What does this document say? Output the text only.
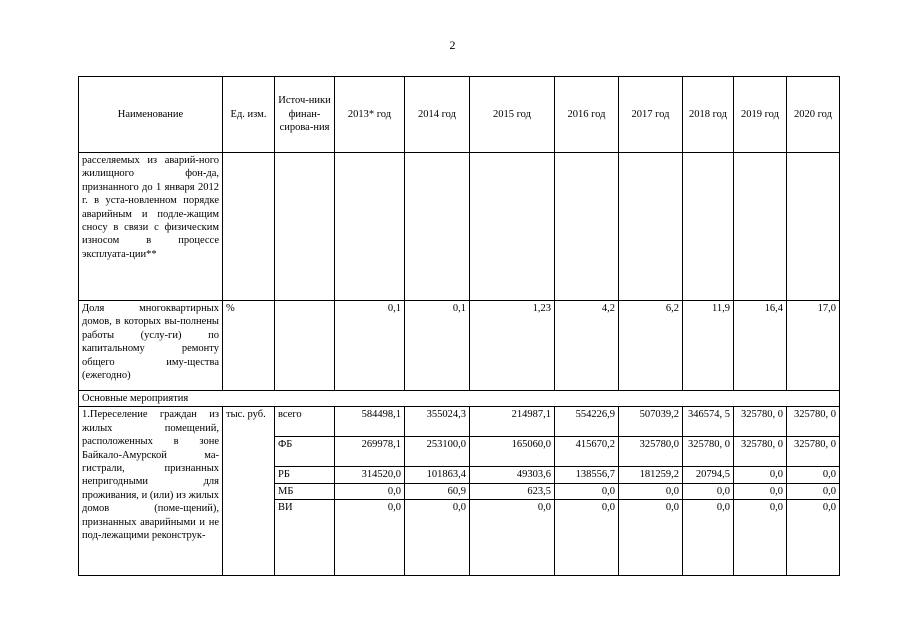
2
Наименование	Ед. изм.	Источ-ники финан-сирова-ния	2013* год	2014 год	2015 год	2016 год	2017 год	2018 год	2019 год	2020 год
расселяемых из аварий-ного жилищного фон-да, признанного до 1 января 2012 г. в уста-новленном порядке аварийным и подле-жащим сносу в связи с физическим износом в процессе эксплуата-ции**										
Доля многоквартирных домов, в которых вы-полнены работы (услу-ги) по капитальному ремонту общего иму-щества (ежегодно)	%		0,1	0,1	1,23	4,2	6,2	11,9	16,4	17,0
Основные мероприятия										
1.Переселение граждан из жилых помещений, расположенных в зоне Байкало-Амурской ма-гистрали, признанных непригодными для проживания, и (или) из жилых домов (поме-щений), признанных аварийными и не под-лежащими реконструк-	тыс. руб.	всего	584498,1	355024,3	214987,1	554226,9	507039,2	346574, 5	325780, 0	325780, 0
		ФБ	269978,1	253100,0	165060,0	415670,2	325780,0	325780, 0	325780, 0	325780, 0
		РБ	314520,0	101863,4	49303,6	138556,7	181259,2	20794,5	0,0	0,0
		МБ	0,0	60,9	623,5	0,0	0,0	0,0	0,0	0,0
		ВИ	0,0	0,0	0,0	0,0	0,0	0,0	0,0	0,0
